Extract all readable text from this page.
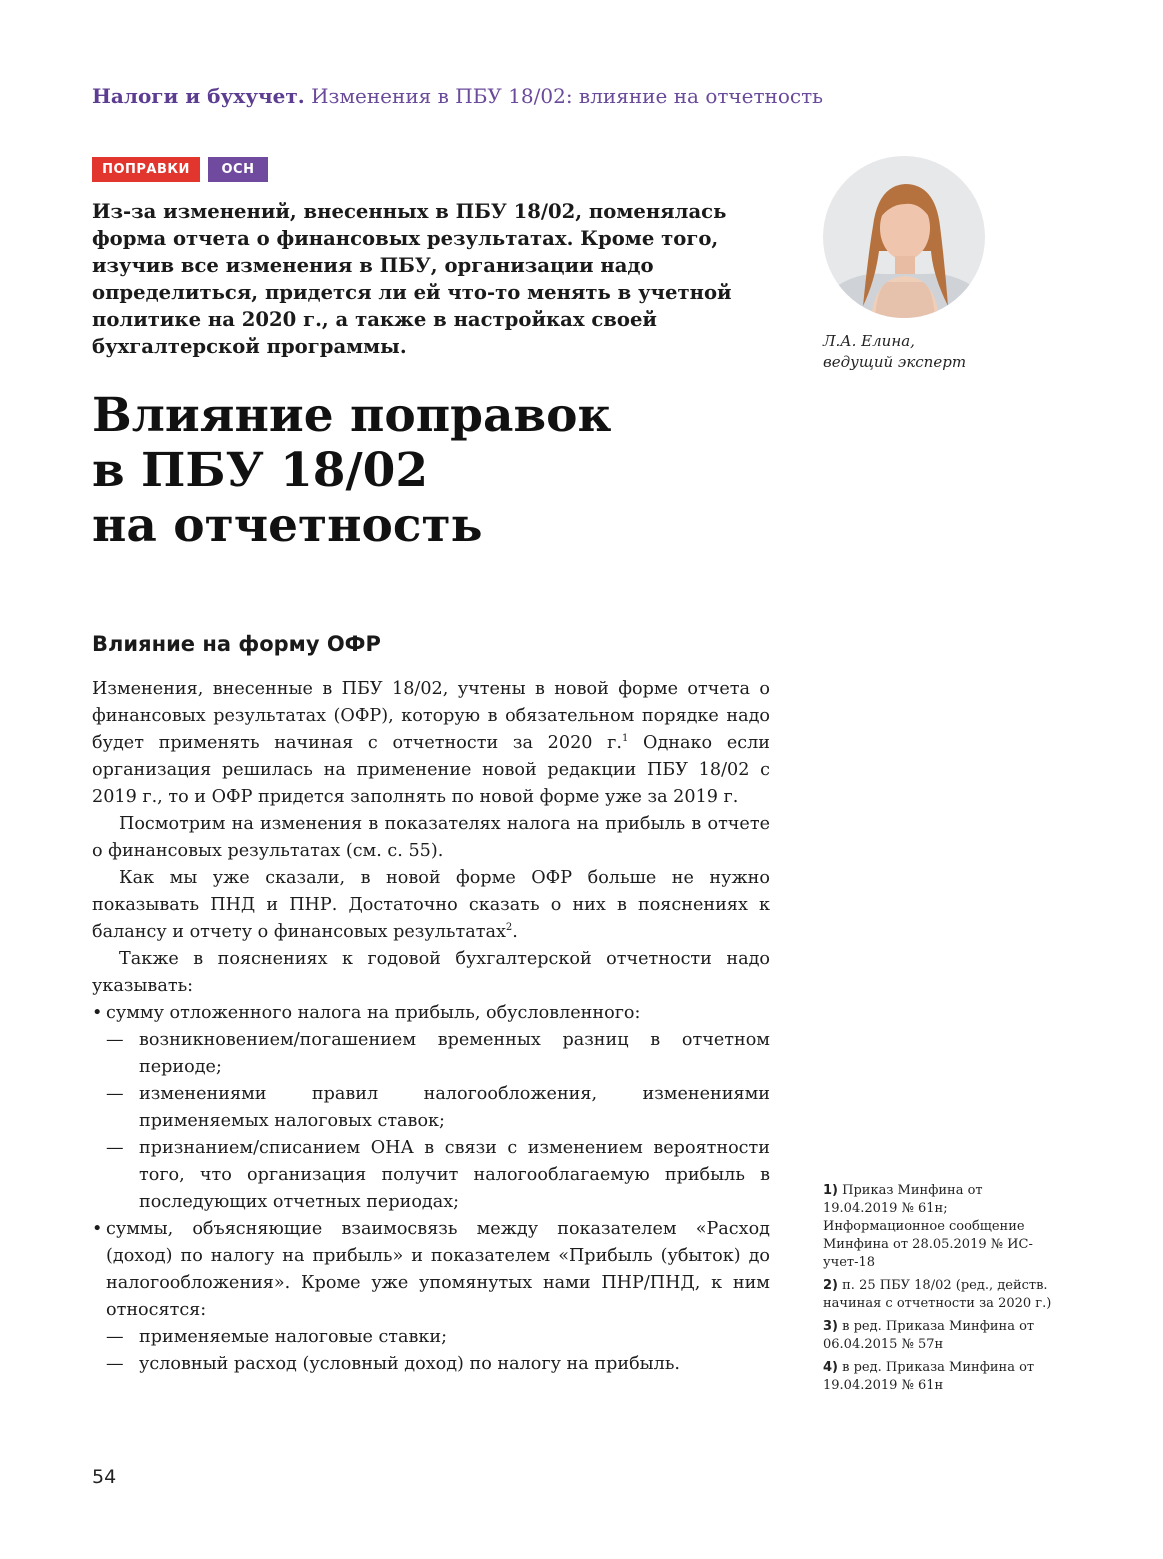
Налоги и бухучет. Изменения в ПБУ 18/02: влияние на отчетность
ПОПРАВКИ	ОСН
Из-за изменений, внесенных в ПБУ 18/02, поменялась форма отчета о финансовых результатах. Кроме того, изучив все изменения в ПБУ, организации надо определиться, придется ли ей что-то менять в учетной политике на 2020 г., а также в настройках своей бухгалтерской программы.	Л.А. Елина,
ведущий эксперт
Влияние поправок
в ПБУ 18/02
на отчетность
Влияние на форму ОФР

Изменения, внесенные в ПБУ 18/02, учтены в новой форме отчета о финансовых результатах (ОФР), которую в обязательном порядке надо будет применять начиная с отчетности за 2020 г.$^1$ Однако если организация решилась на применение новой редакции ПБУ 18/02 с 2019 г., то и ОФР придется заполнять по новой форме уже за 2019 г.

Посмотрим на изменения в показателях налога на прибыль в отчете о финансовых результатах (см. с. 55).

Как мы уже сказали, в новой форме ОФР больше не нужно показывать ПНД и ПНР. Достаточно сказать о них в пояснениях к балансу и отчету о финансовых результатах$^2$.

Также в пояснениях к годовой бухгалтерской отчетности надо указывать:

• сумму отложенного налога на прибыль, обусловленного:

— возникновением/погашением временных разниц в отчетном периоде;

— изменениями правил налогообложения, изменениями применяемых налоговых ставок;

— признанием/списанием ОНА в связи с изменением вероятности того, что организация получит налогооблагаемую прибыль в последующих отчетных периодах;

• суммы, объясняющие взаимосвязь между показателем «Расход (доход) по налогу на прибыль» и показателем «Прибыль (убыток) до налогообложения». Кроме уже упомянутых нами ПНР/ПНД, к ним относятся:

— применяемые налоговые ставки;

— условный расход (условный доход) по налогу на прибыль.

1) Приказ Минфина от 19.04.2019 № 61н; Информационное сообщение Минфина от 28.05.2019 № ИС-учет-18
2) п. 25 ПБУ 18/02 (ред., действ. начиная с отчетности за 2020 г.)
3) в ред. Приказа Минфина от 06.04.2015 № 57н
4) в ред. Приказа Минфина от 19.04.2019 № 61н
54
